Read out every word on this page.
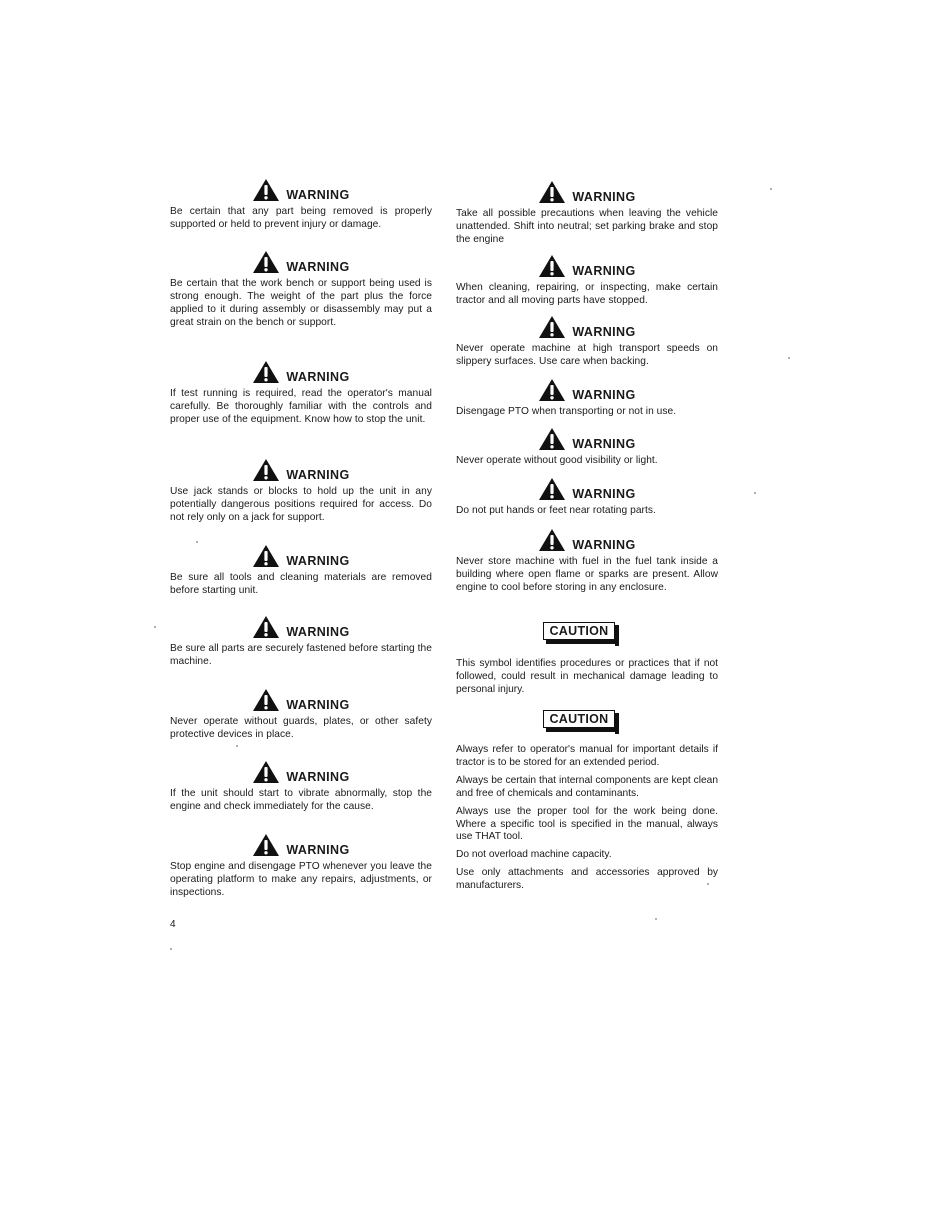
WARNING
Be certain that any part being removed is properly supported or held to prevent injury or damage.
WARNING
Be certain that the work bench or support being used is strong enough. The weight of the part plus the force applied to it during assembly or disassembly may put a great strain on the bench or support.
WARNING
If test running is required, read the operator's manual carefully. Be thoroughly familiar with the controls and proper use of the equipment. Know how to stop the unit.
WARNING
Use jack stands or blocks to hold up the unit in any potentially dangerous positions required for access. Do not rely only on a jack for support.
WARNING
Be sure all tools and cleaning materials are removed before starting unit.
WARNING
Be sure all parts are securely fastened before starting the machine.
WARNING
Never operate without guards, plates, or other safety protective devices in place.
WARNING
If the unit should start to vibrate abnormally, stop the engine and check immediately for the cause.
WARNING
Stop engine and disengage PTO whenever you leave the operating platform to make any repairs, adjustments, or inspections.
WARNING
Take all possible precautions when leaving the vehicle unattended. Shift into neutral; set parking brake and stop the engine
WARNING
When cleaning, repairing, or inspecting, make certain tractor and all moving parts have stopped.
WARNING
Never operate machine at high transport speeds on slippery surfaces. Use care when backing.
WARNING
Disengage PTO when transporting or not in use.
WARNING
Never operate without good visibility or light.
WARNING
Do not put hands or feet near rotating parts.
WARNING
Never store machine with fuel in the fuel tank inside a building where open flame or sparks are present. Allow engine to cool before storing in any enclosure.
CAUTION
This symbol identifies procedures or practices that if not followed, could result in mechanical damage leading to personal injury.
CAUTION

Always refer to operator's manual for important details if tractor is to be stored for an extended period.

Always be certain that internal components are kept clean and free of chemicals and contaminants.

Always use the proper tool for the work being done. Where a specific tool is specified in the manual, always use THAT tool.

Do not overload machine capacity.

Use only attachments and accessories approved by manufacturers.

4
